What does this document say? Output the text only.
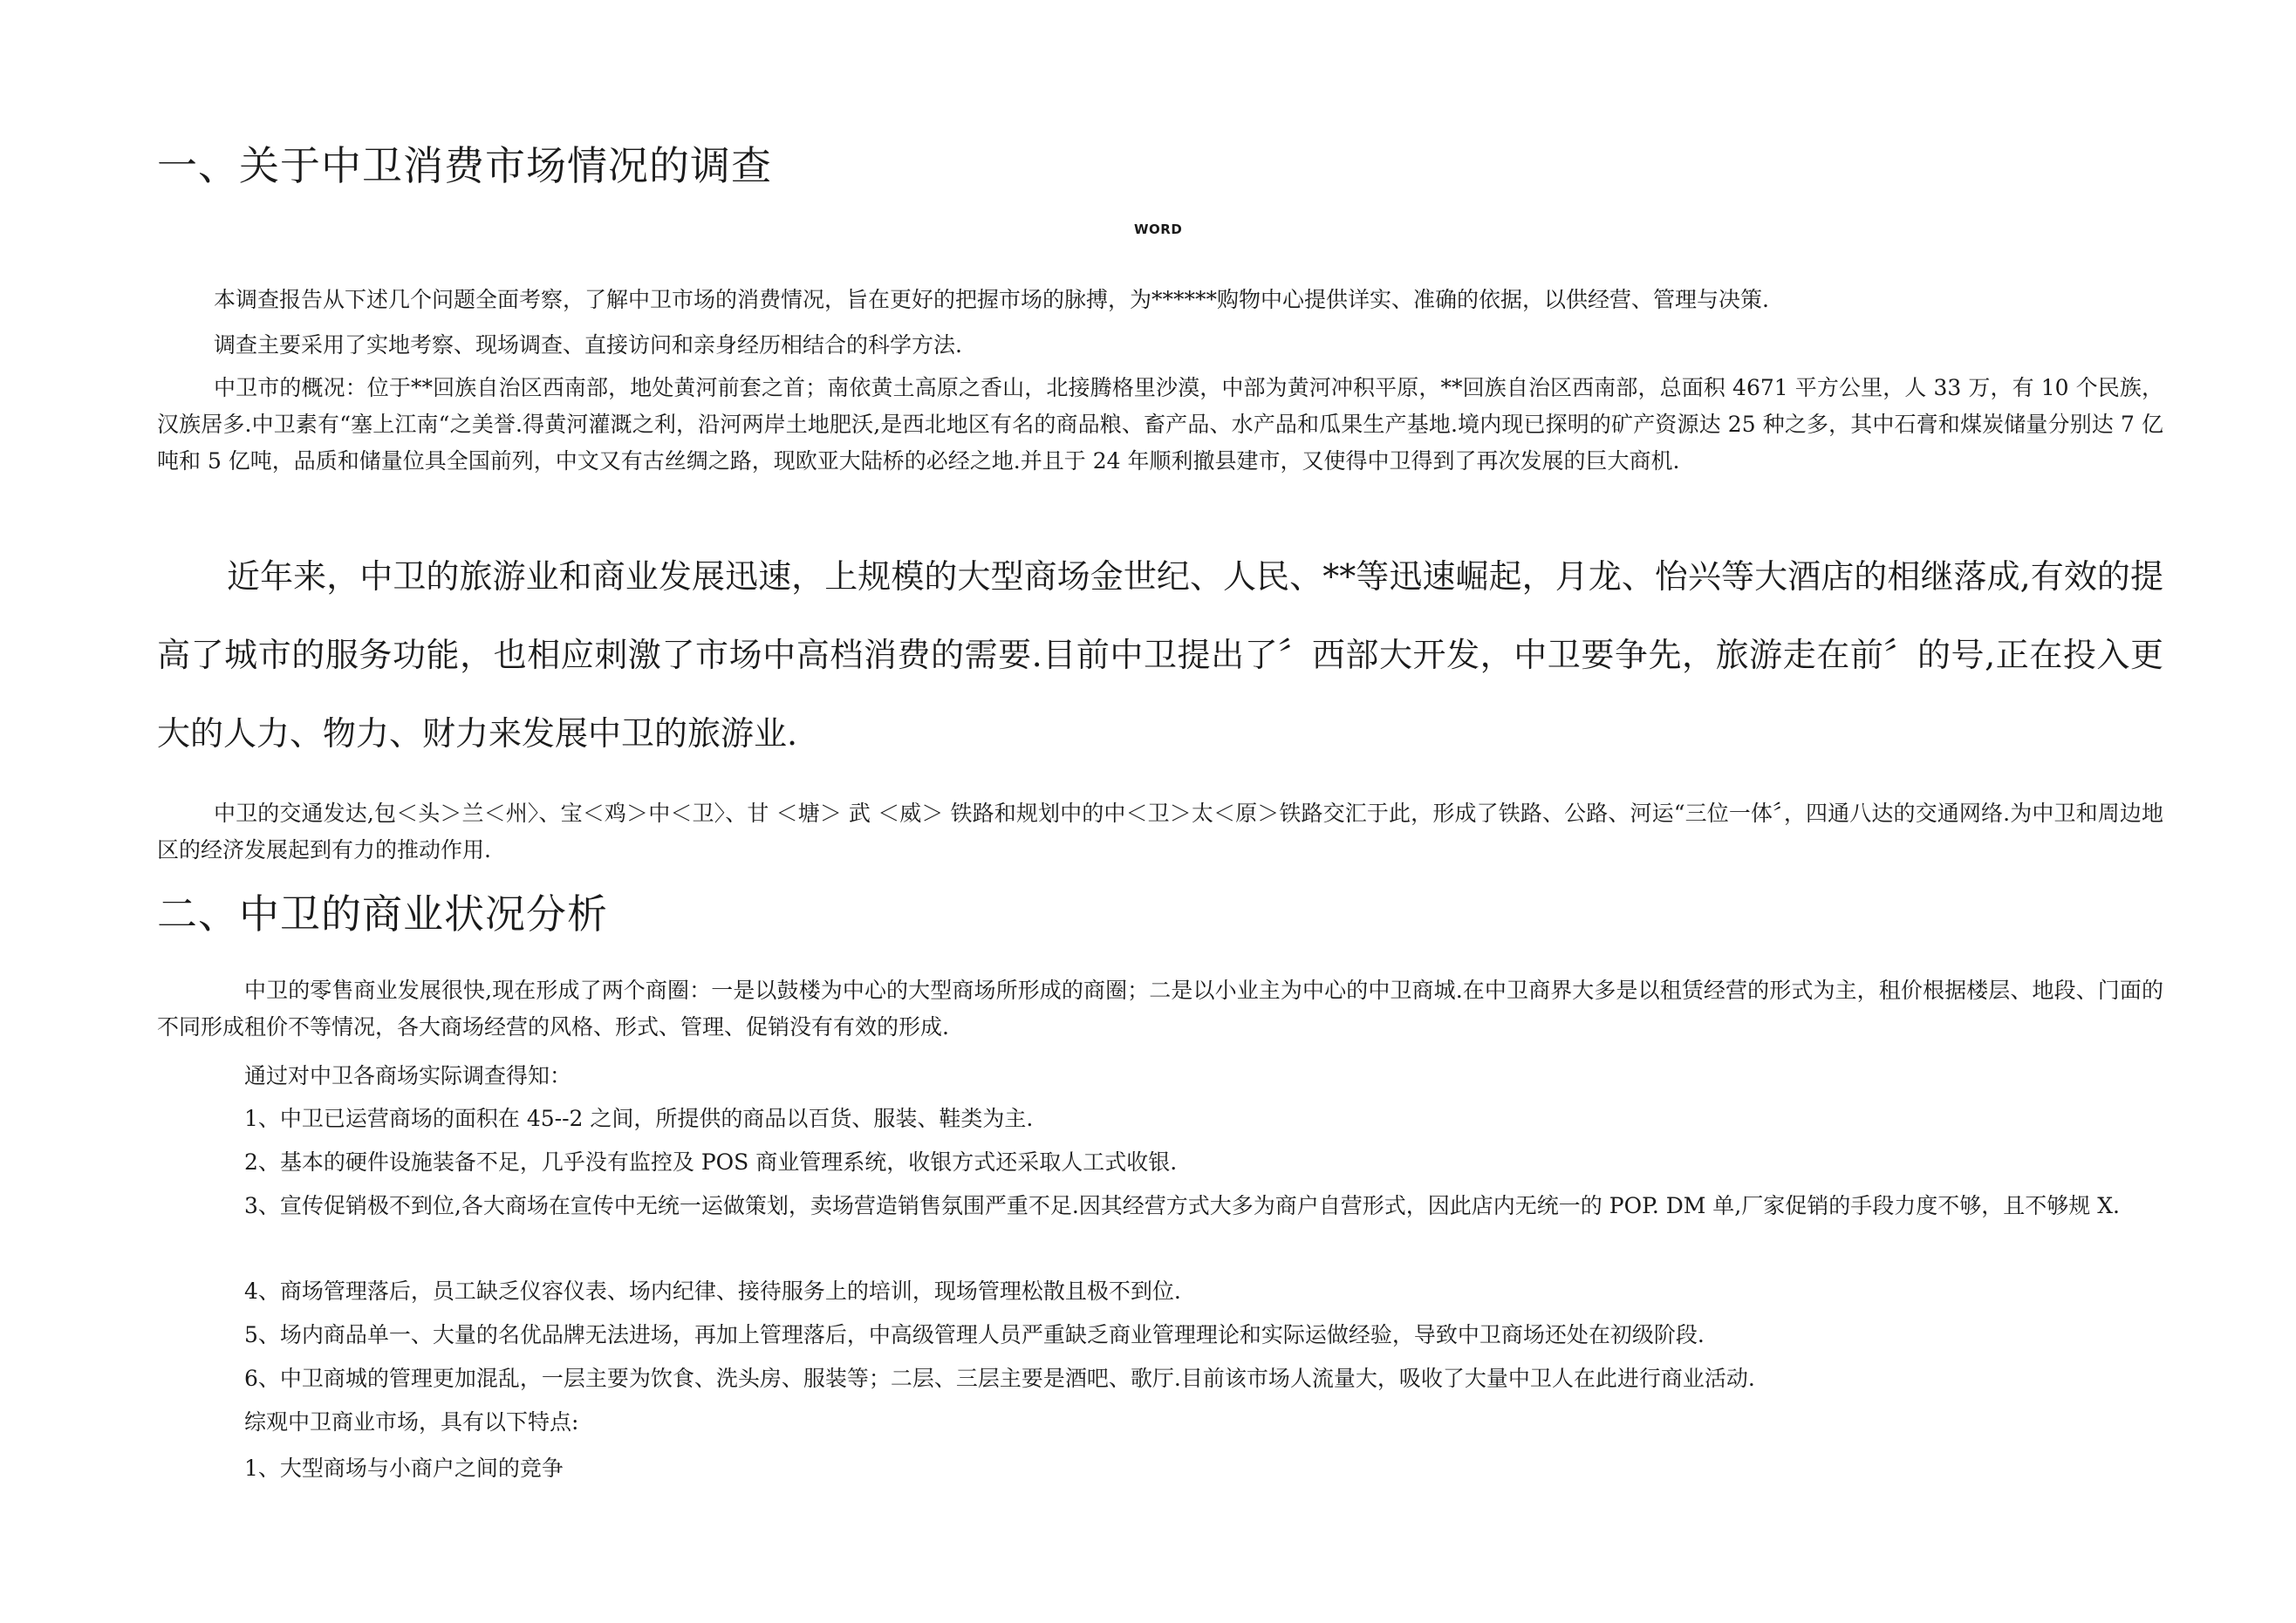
一、关于中卫消费市场情况的调查
WORD

本调查报告从下述几个问题全面考察，了解中卫市场的消费情况，旨在更好的把握市场的脉搏，为******购物中心提供详实、准确的依据，以供经营、管理与决策.

调查主要采用了实地考察、现场调查、直接访问和亲身经历相结合的科学方法.

中卫市的概况：位于**回族自治区西南部，地处黄河前套之首；南依黄土高原之香山，北接腾格里沙漠，中部为黄河冲积平原，**回族自治区西南部，总面积 4671 平方公里，人 33 万，有 10 个民族，汉族居多.中卫素有“塞上江南“之美誉.得黄河灌溉之利，沿河两岸土地肥沃,是西北地区有名的商品粮、畜产品、水产品和瓜果生产基地.境内现已探明的矿产资源达 25 种之多，其中石膏和煤炭储量分别达 7 亿吨和 5 亿吨，品质和储量位具全国前列，中文又有古丝绸之路，现欧亚大陆桥的必经之地.并且于 24 年顺利撤县建市，又使得中卫得到了再次发展的巨大商机.

近年来，中卫的旅游业和商业发展迅速，上规模的大型商场金世纪、人民、**等迅速崛起，月龙、怡兴等大酒店的相继落成,有效的提高了城市的服务功能，也相应刺激了市场中高档消费的需要.目前中卫提出了〞西部大开发，中卫要争先，旅游走在前〞的号,正在投入更大的人力、物力、财力来发展中卫的旅游业.

中卫的交通发达,包＜头＞兰＜州〉、宝＜鸡＞中＜卫〉、甘 ＜塘＞ 武 ＜威＞ 铁路和规划中的中＜卫＞太＜原＞铁路交汇于此，形成了铁路、公路、河运“三位一体〞，四通八达的交通网络.为中卫和周边地区的经济发展起到有力的推动作用.

二、中卫的商业状况分析

中卫的零售商业发展很快,现在形成了两个商圈：一是以鼓楼为中心的大型商场所形成的商圈；二是以小业主为中心的中卫商城.在中卫商界大多是以租赁经营的形式为主，租价根据楼层、地段、门面的不同形成租价不等情况，各大商场经营的风格、形式、管理、促销没有有效的形成.

通过对中卫各商场实际调查得知：

1、中卫已运营商场的面积在 45--2 之间，所提供的商品以百货、服装、鞋类为主.

2、基本的硬件设施装备不足，几乎没有监控及 POS 商业管理系统，收银方式还采取人工式收银.

3、宣传促销极不到位,各大商场在宣传中无统一运做策划，卖场营造销售氛围严重不足.因其经营方式大多为商户自营形式，因此店内无统一的 POP. DM 单,厂家促销的手段力度不够，且不够规 X.

4、商场管理落后，员工缺乏仪容仪表、场内纪律、接待服务上的培训，现场管理松散且极不到位.

5、场内商品单一、大量的名优品牌无法进场，再加上管理落后，中高级管理人员严重缺乏商业管理理论和实际运做经验，导致中卫商场还处在初级阶段.

6、中卫商城的管理更加混乱，一层主要为饮食、洗头房、服装等；二层、三层主要是酒吧、歌厅.目前该市场人流量大，吸收了大量中卫人在此进行商业活动.

综观中卫商业市场，具有以下特点:

1、大型商场与小商户之间的竞争
